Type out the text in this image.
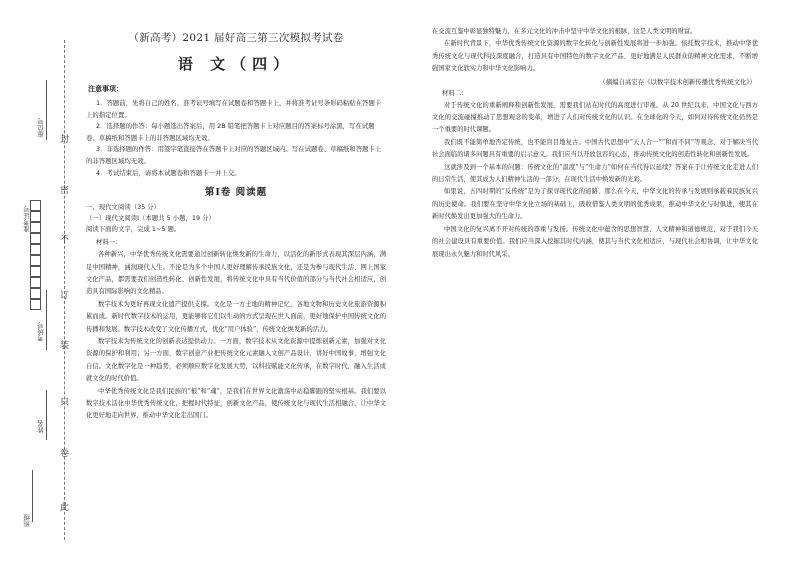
封
密
不
订
装
只
卷
此
座位号
准考证号
考场号
姓名
班级
（新高考）2021 届好高三第三次模拟考试卷
语 文（四）
注意事项：

1．答题前，先将自己的姓名、准考证号填写在试题卷和答题卡上，并将准考证号条形码粘贴在答题卡上的指定位置。

2．选择题的作答：每小题选出答案后，用 2B 铅笔把答题卡上对应题目的答案标号涂黑，写在试题卷、草稿纸和答题卡上的非答题区域均无效。

3．非选择题的作答：用签字笔直接答在答题卡上对应的答题区域内。写在试题卷、草稿纸和答题卡上的非答题区域均无效。

4．考试结束后，请将本试题卷和答题卡一并上交。

第Ⅰ卷 阅读题

一、现代文阅读（35 分）

（一）现代文阅读Ⅰ（本题共 5 小题，19 分）

阅读下面的文字，完成 1~5 题。

材料一：

各种新兴，中华优秀传统文化需要通过创新转化焕发新的生命力，以活化的新形式表现其深层内涵，满足中国精神，涵润现代人生。不论是为多个中国人更好理解传承民族文化，还是为参与现代生活、网上国家文化产品，都需要我们创造性转化、创新性发展，将传统文化中具有当代价值的部分与当代社会相适应，创造具有国际影响的文化精品。

数字技术为更好再现文化遗产提供支撑。文化是一方土地的精神记忆，各地文物和历史文化旅游资源积累而成。新时代数字技术的运用，更能够将它们以生动的方式呈现在世人面前，更好地保护中国传统文化的传播和发展。数字技术改变了文化传播方式，优化“用户体验”，传统文化焕发新的活力。

数字技术为传统文化的创新表达提供动力。一方面，数字技术从文化资源中提炼创新元素，加强对文化资源的保护和利用；另一方面，数字创意产业把传统文化元素融入文创产品设计，讲好中国故事，增强文化自信。文化数字化是一种趋势，必须顺应数字化发展大势，以科技赋能文化传承，在数字时代，融入生活成就文化的时代价值。

中华优秀传统文化是我们民族的“根”和“魂”，是我们在世界文化激荡中站稳脚跟的坚实根基。我们要以数字技术活化中华优秀传统文化，把握时代特征，创新文化产品，使传统文化与现代生活相融合，让中华文化更好地走向世界，推动中华文化走出国门。

在交流互鉴中彰显独特魅力，在多元文化的冲击中坚守中华文化的根脉，这是人类文明的财富。

在新时代背景下，中华优秀传统文化资源的数字化转化与创新性发展将进一步加强。依托数字技术，推动中华优秀传统文化与现代科技深度融合，打造具有中国特色的数字文化产品，更好地满足人民群众的精神文化需求，不断增强国家文化软实力和中华文化影响力。

（摘编自高宏存《以数字技术创新传播优秀传统文化》）

材料二：

对于传统文化的重新阐释和创新性发展，需要我们站在时代的高度进行审视。从 20 世纪以来，中国文化与西方文化的交流碰撞推动了思想观念的变革，增进了人们对传统文化的认识。在全球化的今天，如何对待传统文化仍然是一个重要的时代课题。

我们既不能简单地否定传统，也不能盲目地复古。中国古代思想中“天人合一”“和而不同”等观念，对于解决当代社会面临的诸多问题具有重要的启示意义。我们应当以开放包容的心态，推动传统文化的创造性转化和创新性发展。

这就涉及到一个基本的问题：传统文化的“温度”与“生命力”如何在当代得以延续？答案在于让传统文化走进人们的日常生活，使其成为人们精神生活的一部分，在现代生活中焕发新的光彩。

如果说，五四时期的“反传统”是为了探寻现代化的道路，那么在今天，中华文化的传承与发展则承载着民族复兴的历史使命。我们要在坚守中华文化立场的基础上，吸收借鉴人类文明的优秀成果，推动中华文化与时俱进，使其在新时代焕发出更加强大的生命力。

中国文化的复兴离不开对传统的尊重与发扬。传统文化中蕴含的思想智慧、人文精神和道德规范，对于我们今天的社会建设具有重要价值。我们应当深入挖掘其时代内涵，使其与当代文化相适应、与现代社会相协调，让中华文化展现出永久魅力和时代风采。
